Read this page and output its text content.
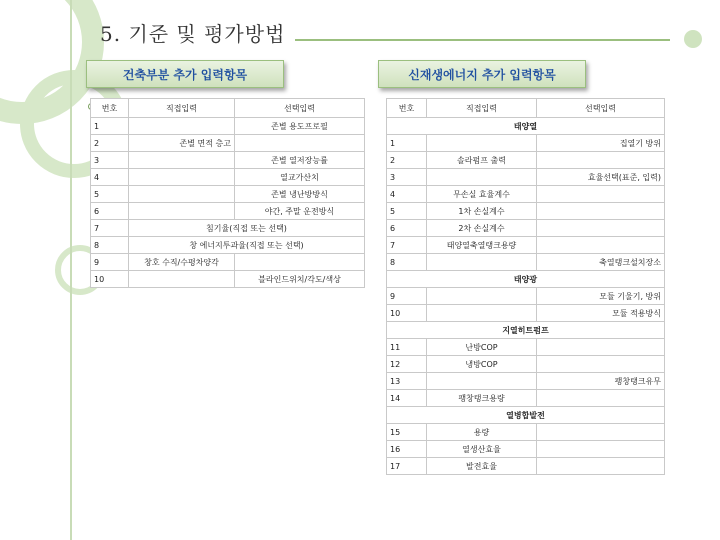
5. 기준 및 평가방법
건축부분 추가 입력항목	신재생에너지 추가 입력항목
번호	직접입력	선택입력
1		존별 용도프로필
2	존별 면적 층고	
3		존별 열저장능률
4		열교가산치
5		존별 냉난방방식
6		야간, 주말 운전방식
7	침기율(직접 또는 선택)	
8	창 에너지투과율(직접 또는 선택)	
9	창호 수직/수평차양각	
10		블라인드위치/각도/색상
번호	직접입력	선택입력
태양열		
1		집열기 방위
2	솔라펌프 출력	
3		효율선택(표준, 입력)
4	무손실 효율계수	
5	1차 손실계수	
6	2차 손실계수	
7	태양열축열탱크용량	
8		축열탱크설치장소
태양광		
9		모듈 기울기, 방위
10		모듈 적용방식
지열히트펌프		
11	난방COP	
12	냉방COP	
13		팽창탱크유무
14	팽창탱크용량	
열병합발전		
15	용량	
16	열생산효율	
17	발전효율	
